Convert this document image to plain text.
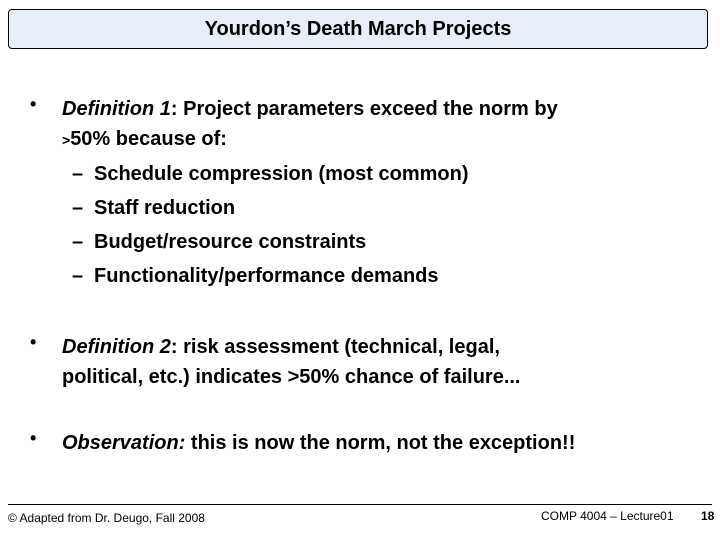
Yourdon’s Death March Projects
• Definition 1: Project parameters exceed the norm by
>50% because of:
– Schedule compression (most common)
– Staff reduction
– Budget/resource constraints
– Functionality/performance demands
• Definition 2: risk assessment (technical, legal,
political, etc.) indicates >50% chance of failure...
• Observation: this is now the norm, not the exception!!
© Adapted from Dr. Deugo, Fall 2008	COMP 4004 – Lecture01 18
